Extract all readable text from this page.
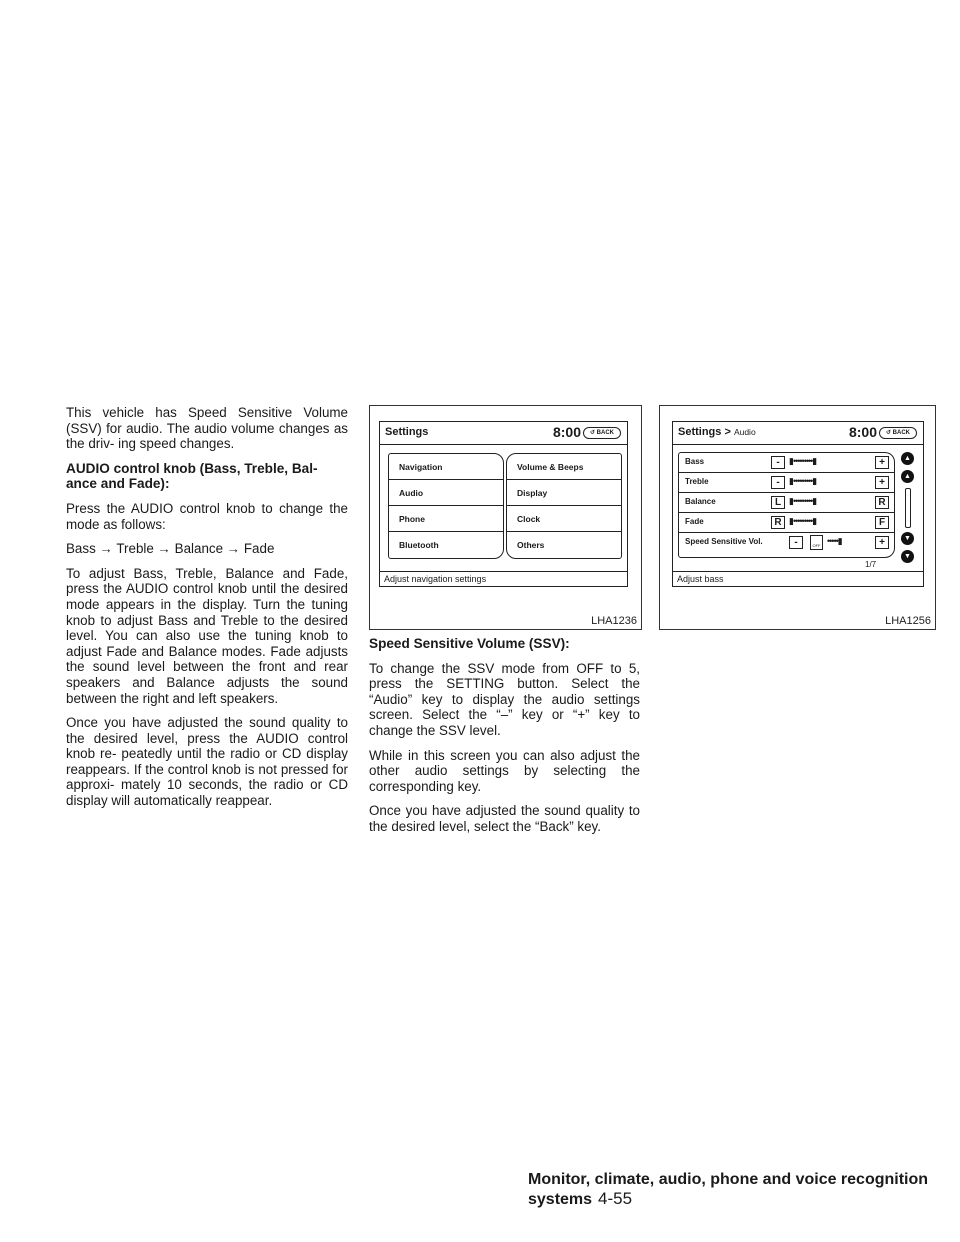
This vehicle has Speed Sensitive Volume (SSV) for audio. The audio volume changes as the driv- ing speed changes.

AUDIO control knob (Bass, Treble, Bal- ance and Fade):

Press the AUDIO control knob to change the mode as follows:

Bass → Treble → Balance → Fade

To adjust Bass, Treble, Balance and Fade, press the AUDIO control knob until the desired mode appears in the display. Turn the tuning knob to adjust Bass and Treble to the desired level. You can also use the tuning knob to adjust Fade and Balance modes. Fade adjusts the sound level between the front and rear speakers and Balance adjusts the sound between the right and left speakers.

Once you have adjusted the sound quality to the desired level, press the AUDIO control knob re- peatedly until the radio or CD display reappears. If the control knob is not pressed for approxi- mately 10 seconds, the radio or CD display will automatically reappear.

Settings	8:00	↺ BACK
Navigation
Audio
Phone
Bluetooth
Volume & Beeps
Display
Clock
Others
Adjust navigation settings
LHA1236
Settings > Audio	8:00	↺ BACK
Bass	-	▮•••••••••▮	+
Treble	-	▮•••••••••▮	+
Balance	L ▮•••••••••▮	R
Fade	R ▮•••••••••▮	F
Speed Sensitive Vol.	-	OFF •••••▮	+
1/7
▲
▲
▼
▼
Adjust bass
LHA1256
Speed Sensitive Volume (SSV):

To change the SSV mode from OFF to 5, press the SETTING button. Select the “Audio” key to display the audio settings screen. Select the “–” key or “+” key to change the SSV level.

While in this screen you can also adjust the other audio settings by selecting the corresponding key.

Once you have adjusted the sound quality to the desired level, select the “Back” key.

Monitor, climate, audio, phone and voice recognition systems 4-55
